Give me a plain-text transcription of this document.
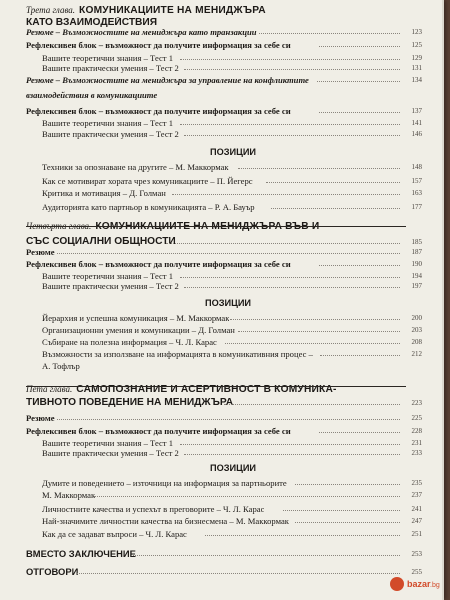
Трета глава. КОМУНИКАЦИИТЕ НА МЕНИДЖЪРА
КАТО ВЗАИМОДЕЙСТВИЯ
Резюме – Възможностите на мениджъра като транзакции	123
Рефлексивен блок – възможност да получите информация за себе си	125
Вашите теоретични знания – Тест 1	129
Вашите практически умения – Тест 2	131
Резюме – Възможностите на мениджъра за управление на конфликтите	134
взаимодействия в комуникациите
Рефлексивен блок – възможност да получите информация за себе си	137
Вашите теоретични знания – Тест 1	141
Вашите практически умения – Тест 2	146
ПОЗИЦИИ
Техники за опознаване на другите – М. Маккормак	148
Как се мотивират хората чрез комуникациите – П. Йегерс	157
Критика и мотивация – Д. Голман	163
Аудиторията като партньор в комуникацията – Р. А. Бауър	177
Четвърта глава. КОМУНИКАЦИИТЕ НА МЕНИДЖЪРА ВЪВ И
СЪС СОЦИАЛНИ ОБЩНОСТИ	185
Резюме	187
Рефлексивен блок – възможност да получите информация за себе си	190
Вашите теоретични знания – Тест 1	194
Вашите практически умения – Тест 2	197
ПОЗИЦИИ
Йерархия и успешна комуникация – М. Маккормак	200
Организационни умения и комуникации – Д. Голман	203
Събиране на полезна информация – Ч. Л. Карас	208
Възможности за използване на информацията в комуникативния процес –	212
А. Тофлър
Пета глава. САМОПОЗНАНИЕ И АСЕРТИВНОСТ В КОМУНИКА-
ТИВНОТО ПОВЕДЕНИЕ НА МЕНИДЖЪРА	223
Резюме	225
Рефлексивен блок – възможност да получите информация за себе си	228
Вашите теоретични знания – Тест 1	231
Вашите практически умения – Тест 2	233
ПОЗИЦИИ
Думите и поведението – източници на информация за партньорите	235
М. Маккормак	237
Личностните качества и успехът в преговорите – Ч. Л. Карас	241
Най-значимите личностни качества на бизнесмена – М. Маккормак	247
Как да се задават въпроси – Ч. Л. Карас	251
ВМЕСТО ЗАКЛЮЧЕНИЕ	253
ОТГОВОРИ	255
bazar .bg
